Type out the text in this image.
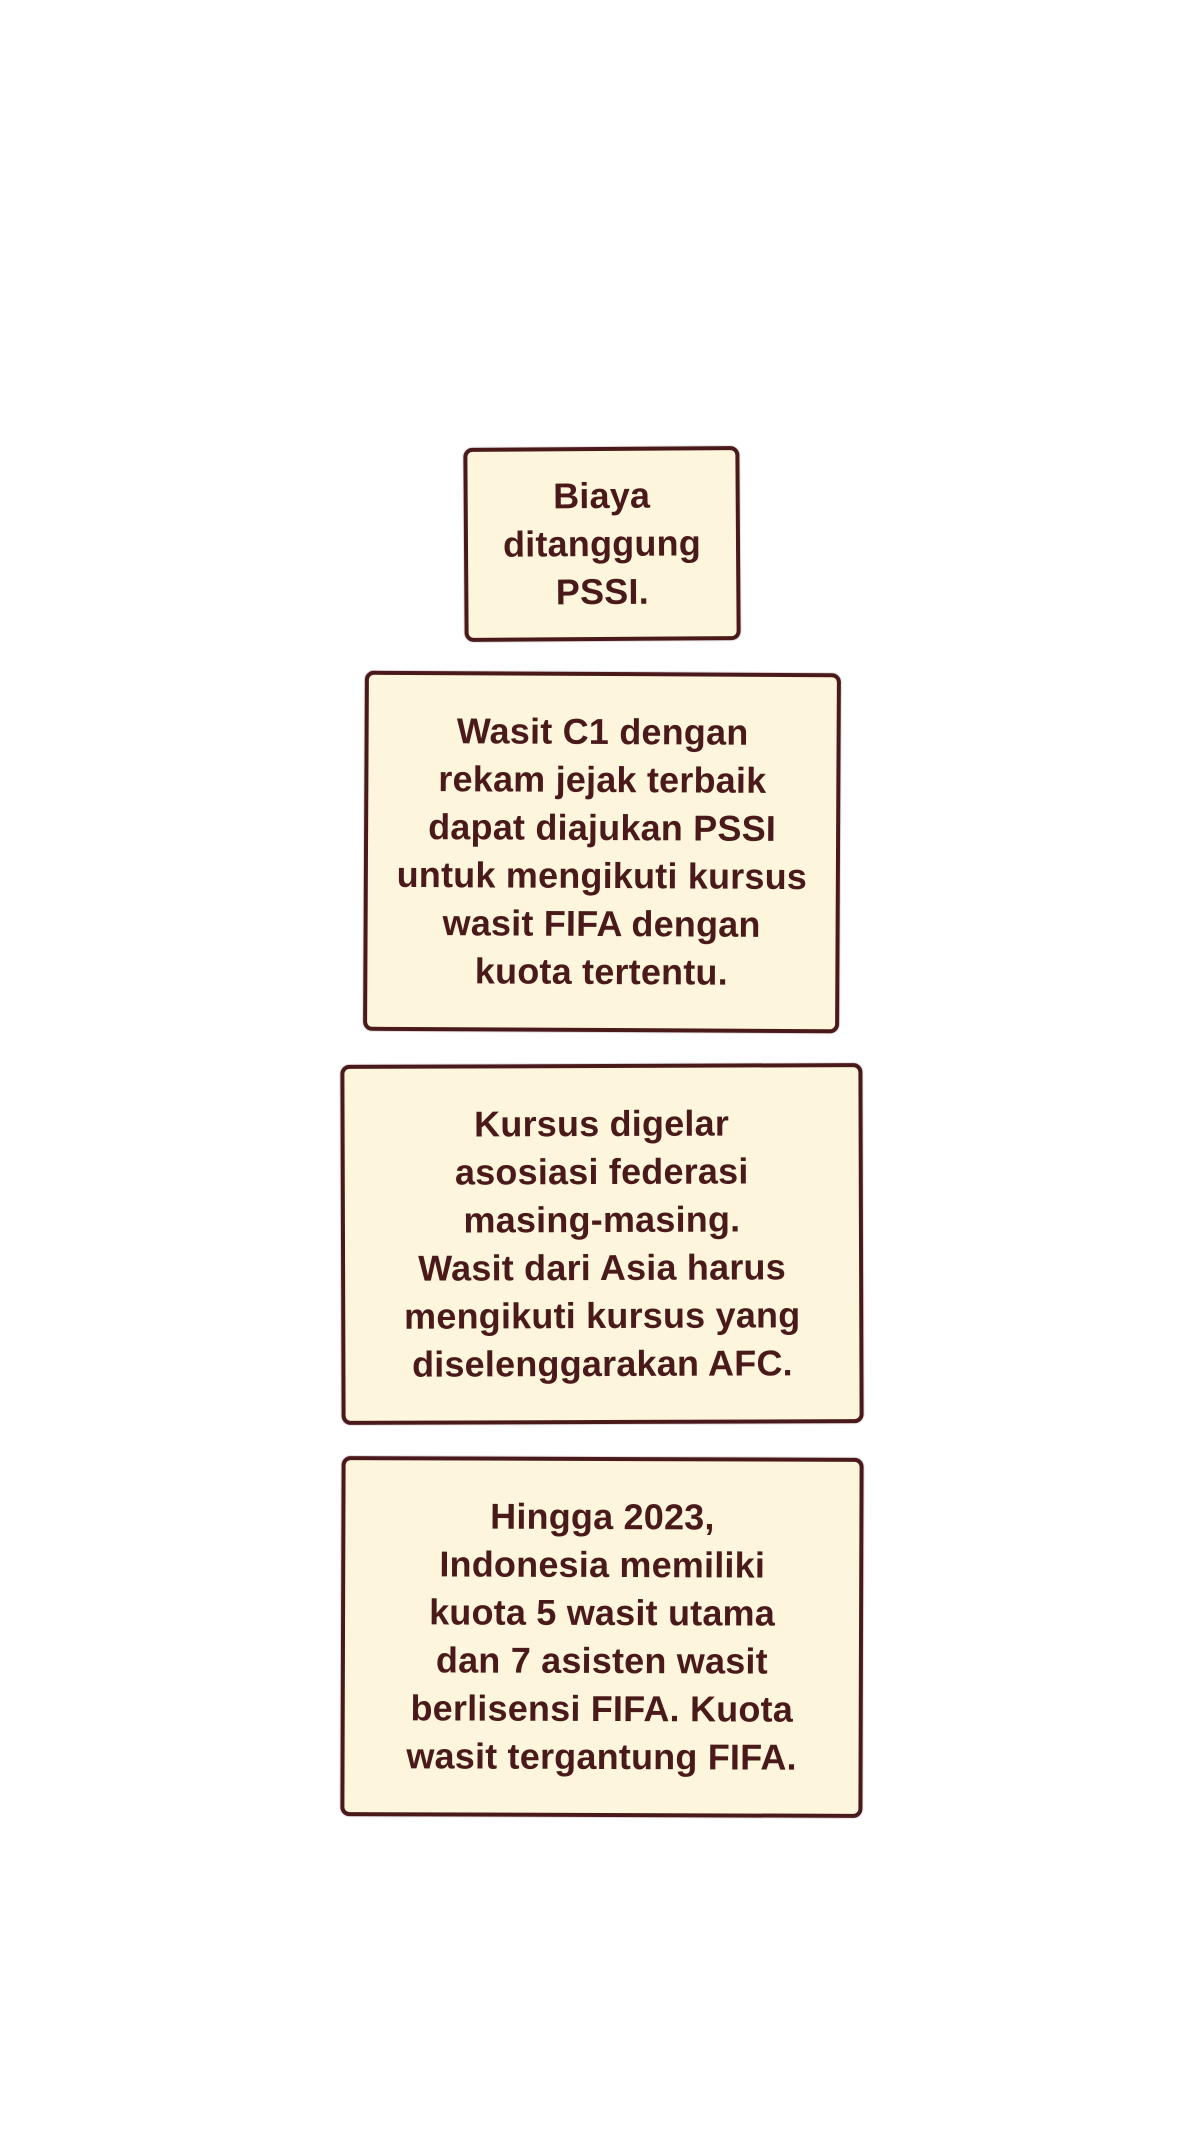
Biaya
ditanggung
PSSI.
Wasit C1 dengan
rekam jejak terbaik
dapat diajukan PSSI
untuk mengikuti kursus
wasit FIFA dengan
kuota tertentu.
Kursus digelar
asosiasi federasi
masing-masing.
Wasit dari Asia harus
mengikuti kursus yang
diselenggarakan AFC.
Hingga 2023,
Indonesia memiliki
kuota 5 wasit utama
dan 7 asisten wasit
berlisensi FIFA. Kuota
wasit tergantung FIFA.
